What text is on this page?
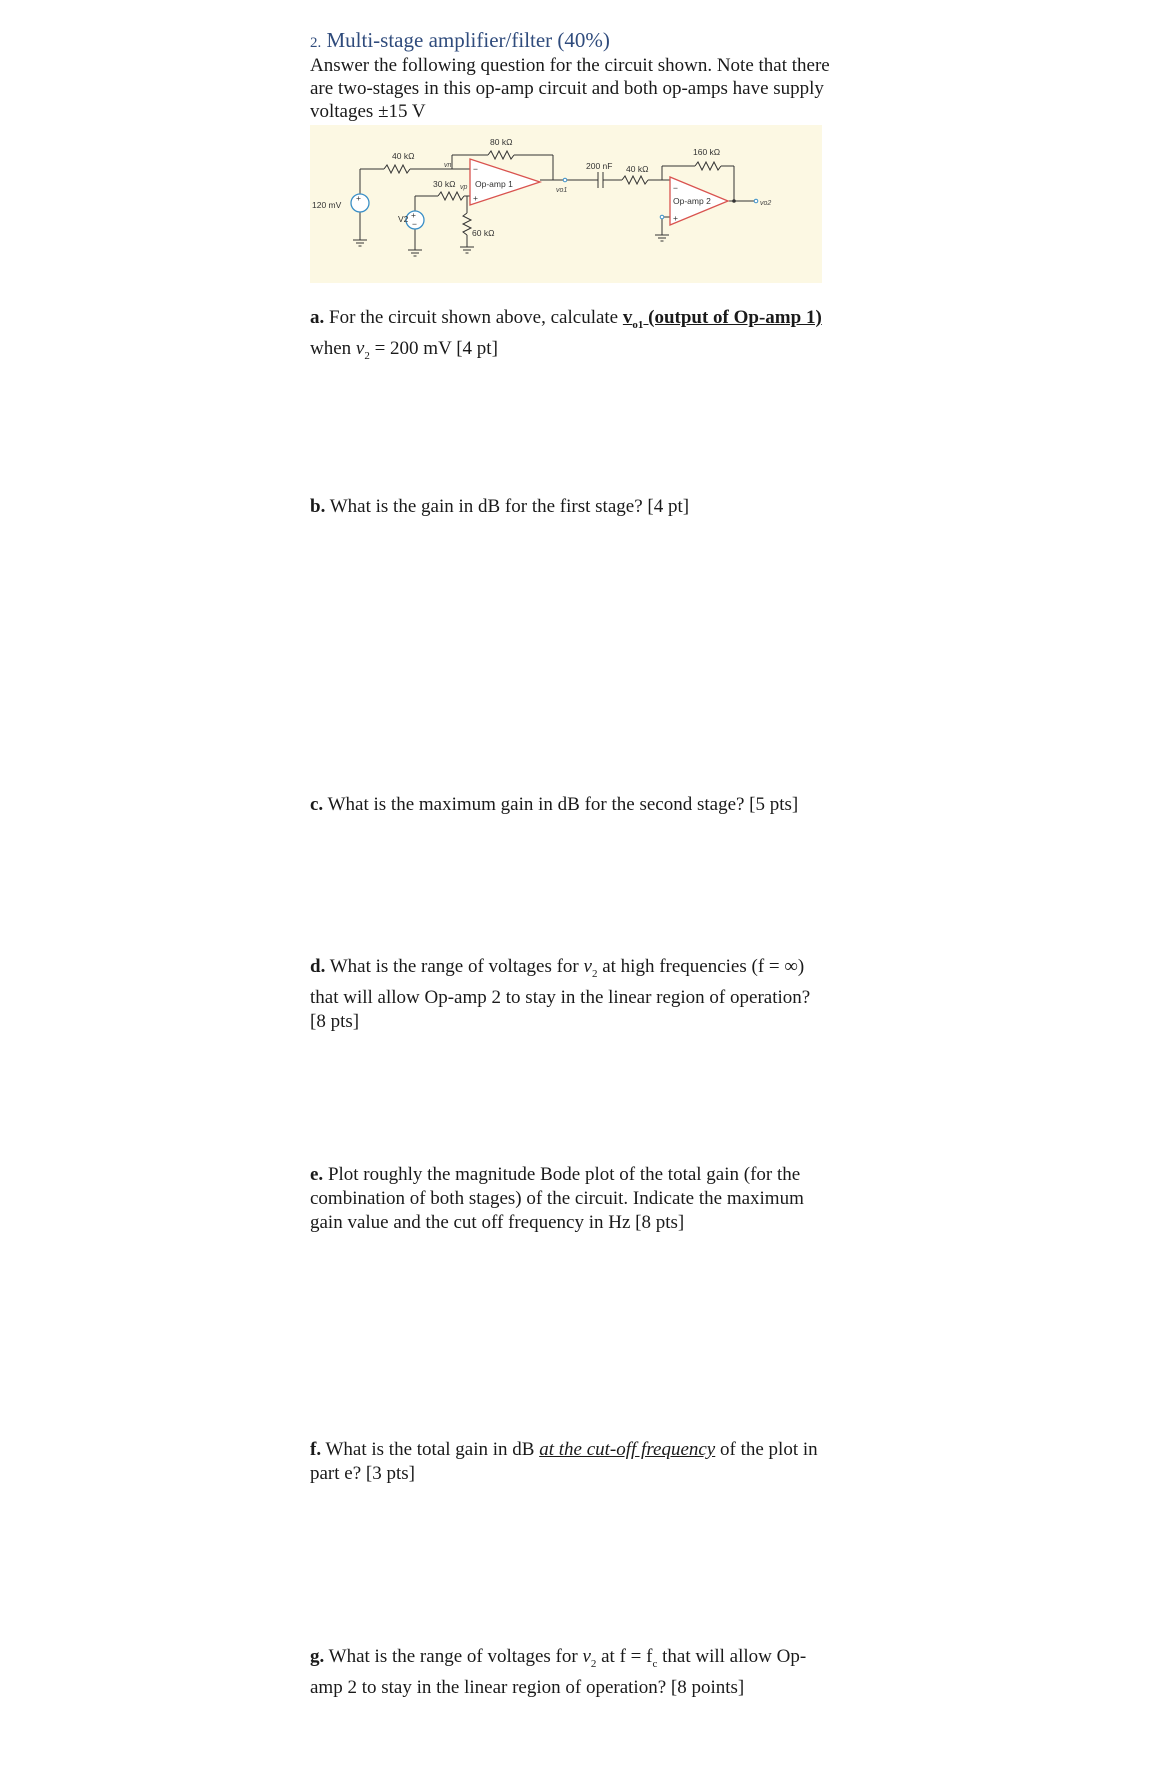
2. Multi-stage amplifier/filter (40%)
Answer the following question for the circuit shown. Note that there are two-stages in this op-amp circuit and both op-amps have supply voltages ±15 V
80 kΩ
40 kΩ
30 kΩ
60 kΩ
200 nF 40 kΩ
160 kΩ
120 mV
V2
+
+
−
Op-amp 1
Op-amp 2
−
+
−
+
vn
vp	vo1
vo2
a. For the circuit shown above, calculate $v_{o1}$ (output of Op-amp 1) when $v_2 = 200$ mV [4 pt]
b. What is the gain in dB for the first stage? [4 pt]
c. What is the maximum gain in dB for the second stage? [5 pts]
d. What is the range of voltages for $v_2$ at high frequencies (f = ∞) that will allow Op-amp 2 to stay in the linear region of operation? [8 pts]
e. Plot roughly the magnitude Bode plot of the total gain (for the combination of both stages) of the circuit. Indicate the maximum gain value and the cut off frequency in Hz [8 pts]
f. What is the total gain in dB at the cut-off frequency of the plot in part e? [3 pts]
g. What is the range of voltages for $v_2$ at $f = f_c$ that will allow Op-amp 2 to stay in the linear region of operation? [8 points]
